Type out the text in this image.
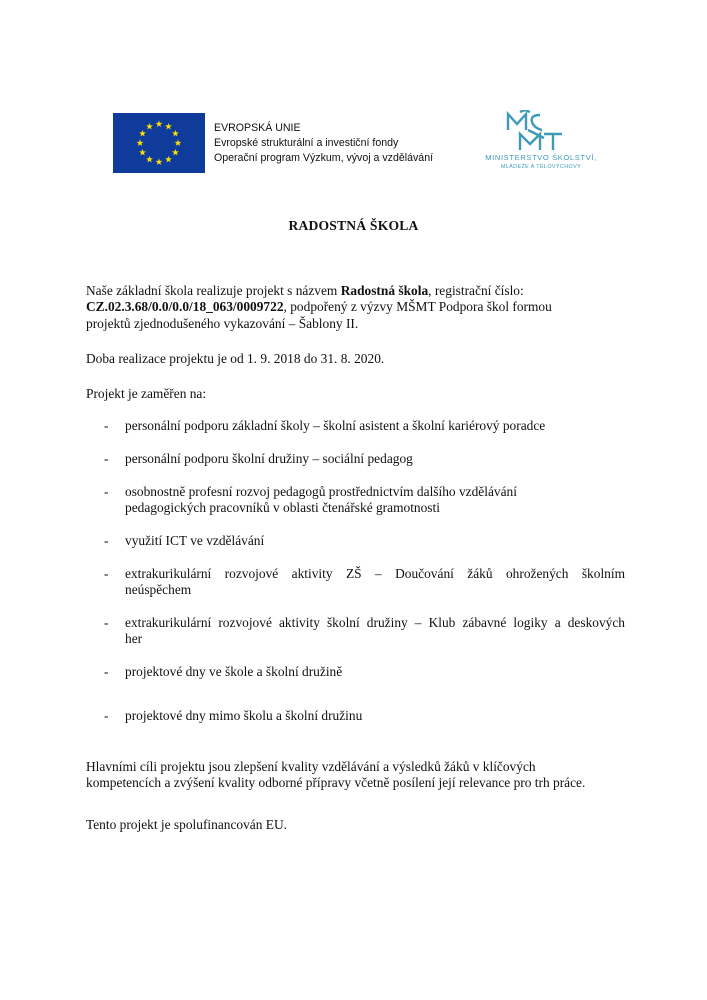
EVROPSKÁ UNIE
Evropské strukturální a investiční fondy
Operační program Výzkum, vývoj a vzdělávání	MINISTERSTVO ŠKOLSTVÍ,
MLÁDEŽE A TĚLOVÝCHOVY
RADOSTNÁ ŠKOLA
Naše základní škola realizuje projekt s názvem Radostná škola, registrační číslo:
CZ.02.3.68/0.0/0.0/18_063/0009722, podpořený z výzvy MŠMT Podpora škol formou
projektů zjednodušeného vykazování – Šablony II.
Doba realizace projektu je od 1. 9. 2018 do 31. 8. 2020.
Projekt je zaměřen na:
- personální podporu základní školy – školní asistent a školní kariérový poradce
- personální podporu školní družiny – sociální pedagog
- osobnostně profesní rozvoj pedagogů prostřednictvím dalšího vzdělávání
pedagogických pracovníků v oblasti čtenářské gramotnosti
- využití ICT ve vzdělávání
- extrakurikulární rozvojové aktivity ZŠ – Doučování žáků ohrožených školním
neúspěchem
- extrakurikulární rozvojové aktivity školní družiny – Klub zábavné logiky a deskových
her
- projektové dny ve škole a školní družině
- projektové dny mimo školu a školní družinu
Hlavními cíli projektu jsou zlepšení kvality vzdělávání a výsledků žáků v klíčových
kompetencích a zvýšení kvality odborné přípravy včetně posílení její relevance pro trh práce.
Tento projekt je spolufinancován EU.
